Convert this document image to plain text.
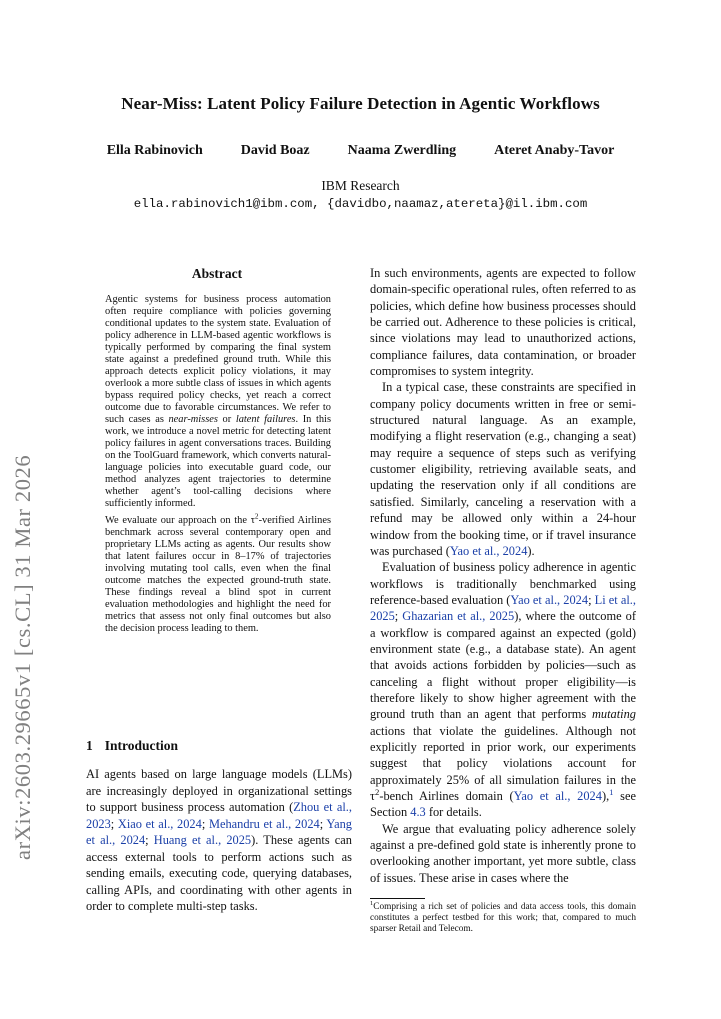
arXiv:2603.29665v1 [cs.CL] 31 Mar 2026
Near-Miss: Latent Policy Failure Detection in Agentic Workflows
Ella Rabinovich	David Boaz	Naama Zwerdling	Ateret Anaby-Tavor
IBM Research
ella.rabinovich1@ibm.com, {davidbo,naamaz,atereta}@il.ibm.com
Abstract

Agentic systems for business process automation often require compliance with policies governing conditional updates to the system state. Evaluation of policy adherence in LLM-based agentic workflows is typically performed by comparing the final system state against a predefined ground truth. While this approach detects explicit policy violations, it may overlook a more subtle class of issues in which agents bypass required policy checks, yet reach a correct outcome due to favorable circumstances. We refer to such cases as near-misses or latent failures. In this work, we introduce a novel metric for detecting latent policy failures in agent conversations traces. Building on the ToolGuard framework, which converts natural-language policies into executable guard code, our method analyzes agent trajectories to determine whether agent’s tool-calling decisions where sufficiently informed.

We evaluate our approach on the $\tau^2$-verified Airlines benchmark across several contemporary open and proprietary LLMs acting as agents. Our results show that latent failures occur in 8–17% of trajectories involving mutating tool calls, even when the final outcome matches the expected ground-truth state. These findings reveal a blind spot in current evaluation methodologies and highlight the need for metrics that assess not only final outcomes but also the decision process leading to them.

1 Introduction
AI agents based on large language models (LLMs) are increasingly deployed in organizational settings to support business process automation (Zhou et al., 2023; Xiao et al., 2024; Mehandru et al., 2024; Yang et al., 2024; Huang et al., 2025). These agents can access external tools to perform actions such as sending emails, executing code, querying databases, calling APIs, and coordinating with other agents in order to complete multi-step tasks.

In such environments, agents are expected to follow domain-specific operational rules, often referred to as policies, which define how business processes should be carried out. Adherence to these policies is critical, since violations may lead to unauthorized actions, compliance failures, data contamination, or broader compromises to system integrity.

In a typical case, these constraints are specified in company policy documents written in free or semi-structured natural language. As an example, modifying a flight reservation (e.g., changing a seat) may require a sequence of steps such as verifying customer eligibility, retrieving available seats, and updating the reservation only if all conditions are satisfied. Similarly, canceling a reservation with a refund may be allowed only within a 24-hour window from the booking time, or if travel insurance was purchased (Yao et al., 2024).

Evaluation of business policy adherence in agentic workflows is traditionally benchmarked using reference-based evaluation (Yao et al., 2024; Li et al., 2025; Ghazarian et al., 2025), where the outcome of a workflow is compared against an expected (gold) environment state (e.g., a database state). An agent that avoids actions forbidden by policies—such as canceling a flight without proper eligibility—is therefore likely to show higher agreement with the ground truth than an agent that performs mutating actions that violate the guidelines. Although not explicitly reported in prior work, our experiments suggest that policy violations account for approximately 25% of all simulation failures in the $\tau^2$-bench Airlines domain (Yao et al., 2024),$^1$ see Section 4.3 for details.

We argue that evaluating policy adherence solely against a pre-defined gold state is inherently prone to overlooking another important, yet more subtle, class of issues. These arise in cases where the

$^1$Comprising a rich set of policies and data access tools, this domain constitutes a perfect testbed for this work; that, compared to much sparser Retail and Telecom.
